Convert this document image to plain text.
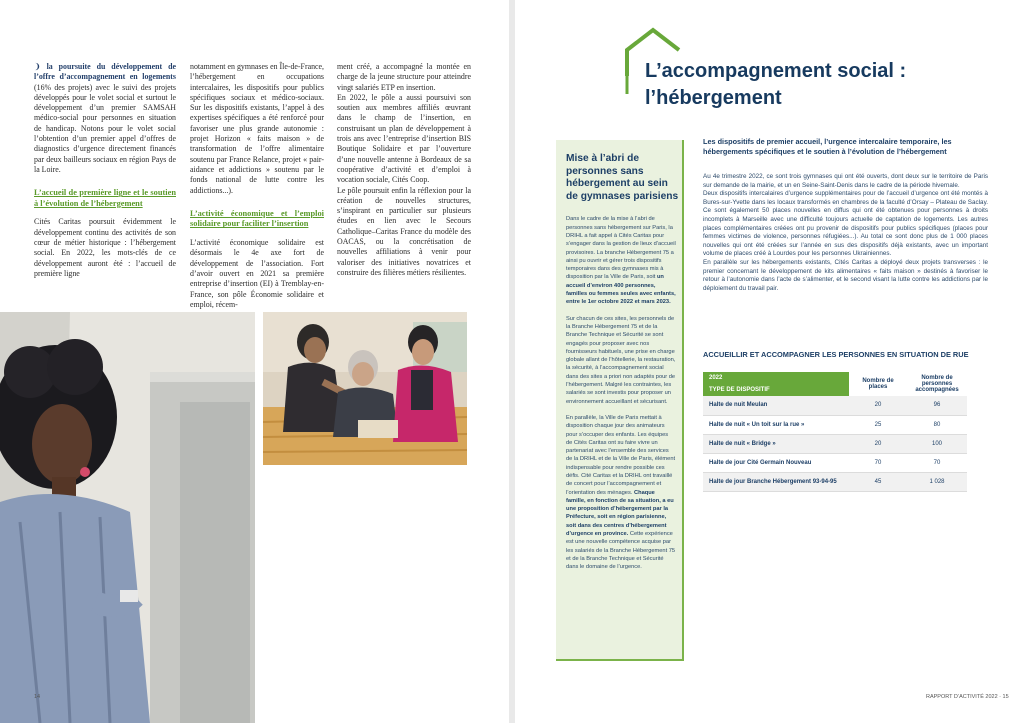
❩ la poursuite du développement de l’offre d’accompagnement en logements (16% des projets) avec le suivi des projets développés pour le volet social et surtout le développement d’un premier SAMSAH médico-social pour personnes en situation de handicap. Notons pour le volet social l’obtention d’un premier appel d’offres de diagnostics d’urgence directement financés par deux bailleurs sociaux en région Pays de la Loire.

L’accueil de première ligne et le soutien à l’évolution de l’hébergement

Cités Caritas poursuit évidemment le développement continu des activités de son cœur de métier historique : l’hébergement social. En 2022, les mots-clés de ce développement auront été : l’accueil de première ligne

notamment en gymnases en Île-de-France, l’hébergement en occupations intercalaires, les dispositifs pour publics spécifiques sociaux et médico-sociaux. Sur les dispositifs existants, l’appel à des expertises spécifiques a été renforcé pour favoriser une plus grande autonomie : projet Horizon « faits maison » de transformation de l’offre alimentaire soutenu par France Relance, projet « pair-aidance et addictions » soutenu par le fonds national de lutte contre les addictions...).

L’activité économique et l’emploi solidaire pour faciliter l’insertion

L’activité économique solidaire est désormais le 4e axe fort de développement de l’association. Fort d’avoir ouvert en 2021 sa première entreprise d’insertion (EI) à Tremblay-en-France, son pôle Économie solidaire et emploi, récem-

ment créé, a accompagné la montée en charge de la jeune structure pour atteindre vingt salariés ETP en insertion.

En 2022, le pôle a aussi poursuivi son soutien aux membres affiliés œuvrant dans le champ de l’insertion, en construisant un plan de développement à trois ans avec l’entreprise d’insertion BIS Boutique Solidaire et par l’ouverture d’une nouvelle antenne à Bordeaux de sa coopérative d’activité et d’emploi à vocation sociale, Cités Coop.

Le pôle poursuit enfin la réflexion pour la création de nouvelles structures, s’inspirant en particulier sur plusieurs études en lien avec le Secours Catholique–Caritas France du modèle des OACAS, ou la concrétisation de nouvelles affiliations à venir pour valoriser des initiatives novatrices et construire des filières métiers résilientes.

14
L’accompagnement social :
l’hébergement
Mise à l’abri de personnes sans hébergement au sein de gymnases parisiens

Dans le cadre de la mise à l’abri de personnes sans hébergement sur Paris, la DRIHL a fait appel à Cités Caritas pour s’engager dans la gestion de lieux d’accueil provisoires. La branche Hébergement 75 a ainsi pu ouvrir et gérer trois dispositifs temporaires dans des gymnases mis à disposition par la Ville de Paris, soit un accueil d’environ 400 personnes, familles ou femmes seules avec enfants, entre le 1er octobre 2022 et mars 2023.

Sur chacun de ces sites, les personnels de la Branche Hébergement 75 et de la Branche Technique et Sécurité se sont engagés pour proposer avec nos fournisseurs habituels, une prise en charge globale allant de l’hôtellerie, la restauration, la sécurité, à l’accompagnement social dans des sites a priori non adaptés pour de l’hébergement. Malgré les contraintes, les salariés se sont investis pour proposer un environnement accueillant et sécurisant.

En parallèle, la Ville de Paris mettait à disposition chaque jour des animateurs pour s’occuper des enfants. Les équipes de Cités Caritas ont su faire vivre un partenariat avec l’ensemble des services de la DRIHL et de la Ville de Paris, élément indispensable pour rendre possible ces défis. Cité Caritas et la DRIHL ont travaillé de concert pour l’accompagnement et l’orientation des ménages. Chaque famille, en fonction de sa situation, a eu une proposition d’hébergement par la Préfecture, soit en région parisienne, soit dans des centres d’hébergement d’urgence en province. Cette expérience est une nouvelle compétence acquise par les salariés de la Branche Hébergement 75 et de la Branche Technique et Sécurité dans le domaine de l’urgence.

Les dispositifs de premier accueil, l’urgence intercalaire temporaire, les hébergements spécifiques et le soutien à l’évolution de l’hébergement

Au 4e trimestre 2022, ce sont trois gymnases qui ont été ouverts, dont deux sur le territoire de Paris sur demande de la mairie, et un en Seine-Saint-Denis dans le cadre de la période hivernale.

Deux dispositifs intercalaires d’urgence supplémentaires pour de l’accueil d’urgence ont été montés à Bures-sur-Yvette dans les locaux transformés en chambres de la faculté d’Orsay – Plateau de Saclay. Ce sont également 50 places nouvelles en diffus qui ont été obtenues pour personnes à droits incomplets à Marseille avec une difficulté toujours actuelle de captation de logements. Les autres places complémentaires créées ont pu provenir de dispositifs pour publics spécifiques (places pour femmes victimes de violence, personnes réfugiées...). Au total ce sont donc plus de 1 000 places nouvelles qui ont été créées sur l’année en sus des dispositifs déjà existants, avec un important volume de places créé à Lourdes pour les personnes Ukrainiennes.

En parallèle sur les hébergements existants, Cités Caritas a déployé deux projets transverses : le premier concernant le développement de kits alimentaires « faits maison » destinés à favoriser le retour à l’autonomie dans l’acte de s’alimenter, et le second visant la lutte contre les addictions par le déploiement du travail pair.

ACCUEILLIR ET ACCOMPAGNER LES PERSONNES EN SITUATION DE RUE
2022
TYPE DE DISPOSITIF	Nombre de places	Nombre de personnes accompagnées
Halte de nuit Meulan	20	96
Halte de nuit « Un toit sur la rue »	25	80
Halte de nuit « Bridge »	20	100
Halte de jour Cité Germain Nouveau	70	70
Halte de jour Branche Hébergement 93-94-95	45	1 028
RAPPORT D’ACTIVITÉ 2022 · 15
